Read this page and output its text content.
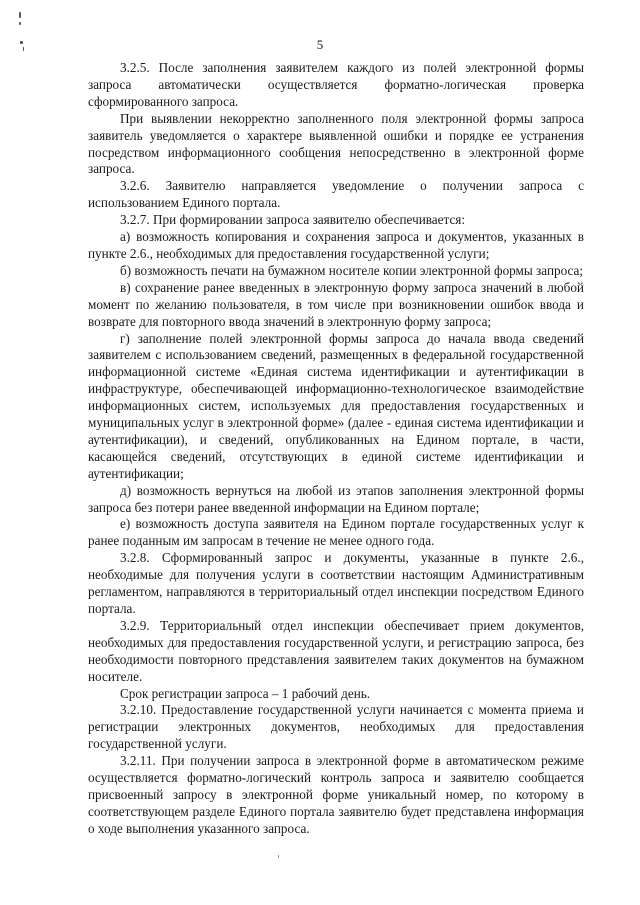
5

3.2.5. После заполнения заявителем каждого из полей электронной формы запроса автоматически осуществляется форматно-логическая проверка сформированного запроса.

При выявлении некорректно заполненного поля электронной формы запроса заявитель уведомляется о характере выявленной ошибки и порядке ее устранения посредством информационного сообщения непосредственно в электронной форме запроса.

3.2.6. Заявителю направляется уведомление о получении запроса с использованием Единого портала.

3.2.7. При формировании запроса заявителю обеспечивается:

а) возможность копирования и сохранения запроса и документов, указанных в пункте 2.6., необходимых для предоставления государственной услуги;

б) возможность печати на бумажном носителе копии электронной формы запроса;

в) сохранение ранее введенных в электронную форму запроса значений в любой момент по желанию пользователя, в том числе при возникновении ошибок ввода и возврате для повторного ввода значений в электронную форму запроса;

г) заполнение полей электронной формы запроса до начала ввода сведений заявителем с использованием сведений, размещенных в федеральной государственной информационной системе «Единая система идентификации и аутентификации в инфраструктуре, обеспечивающей информационно-технологическое взаимодействие информационных систем, используемых для предоставления государственных и муниципальных услуг в электронной форме» (далее - единая система идентификации и аутентификации), и сведений, опубликованных на Едином портале, в части, касающейся сведений, отсутствующих в единой системе идентификации и аутентификации;

д) возможность вернуться на любой из этапов заполнения электронной формы запроса без потери ранее введенной информации на Едином портале;

е) возможность доступа заявителя на Едином портале государственных услуг к ранее поданным им запросам в течение не менее одного года.

3.2.8. Сформированный запрос и документы, указанные в пункте 2.6., необходимые для получения услуги в соответствии настоящим Административным регламентом, направляются в территориальный отдел инспекции посредством Единого портала.

3.2.9. Территориальный отдел инспекции обеспечивает прием документов, необходимых для предоставления государственной услуги, и регистрацию запроса, без необходимости повторного представления заявителем таких документов на бумажном носителе.

Срок регистрации запроса – 1 рабочий день.

3.2.10. Предоставление государственной услуги начинается с момента приема и регистрации электронных документов, необходимых для предоставления государственной услуги.

3.2.11. При получении запроса в электронной форме в автоматическом режиме осуществляется форматно-логический контроль запроса и заявителю сообщается присвоенный запросу в электронной форме уникальный номер, по которому в соответствующем разделе Единого портала заявителю будет представлена информация о ходе выполнения указанного запроса.
